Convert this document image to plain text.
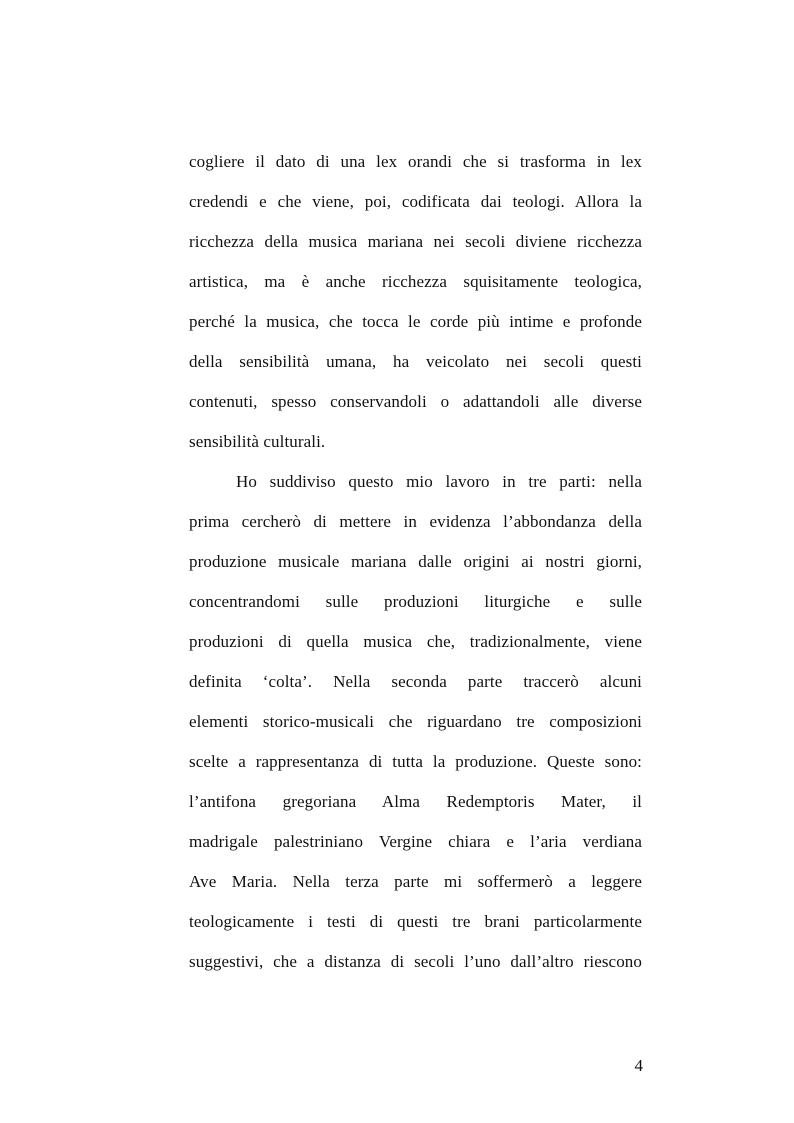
cogliere il dato di una lex orandi che si trasforma in lex
credendi e che viene, poi, codificata dai teologi. Allora la
ricchezza della musica mariana nei secoli diviene ricchezza
artistica, ma è anche ricchezza squisitamente teologica,
perché la musica, che tocca le corde più intime e profonde
della sensibilità umana, ha veicolato nei secoli questi
contenuti, spesso conservandoli o adattandoli alle diverse
sensibilità culturali.
Ho suddiviso questo mio lavoro in tre parti: nella
prima cercherò di mettere in evidenza l’abbondanza della
produzione musicale mariana dalle origini ai nostri giorni,
concentrandomi sulle produzioni liturgiche e sulle
produzioni di quella musica che, tradizionalmente, viene
definita ‘colta’. Nella seconda parte traccerò alcuni
elementi storico-musicali che riguardano tre composizioni
scelte a rappresentanza di tutta la produzione. Queste sono:
l’antifona gregoriana Alma Redemptoris Mater, il
madrigale palestriniano Vergine chiara e l’aria verdiana
Ave Maria. Nella terza parte mi soffermerò a leggere
teologicamente i testi di questi tre brani particolarmente
suggestivi, che a distanza di secoli l’uno dall’altro riescono
4
